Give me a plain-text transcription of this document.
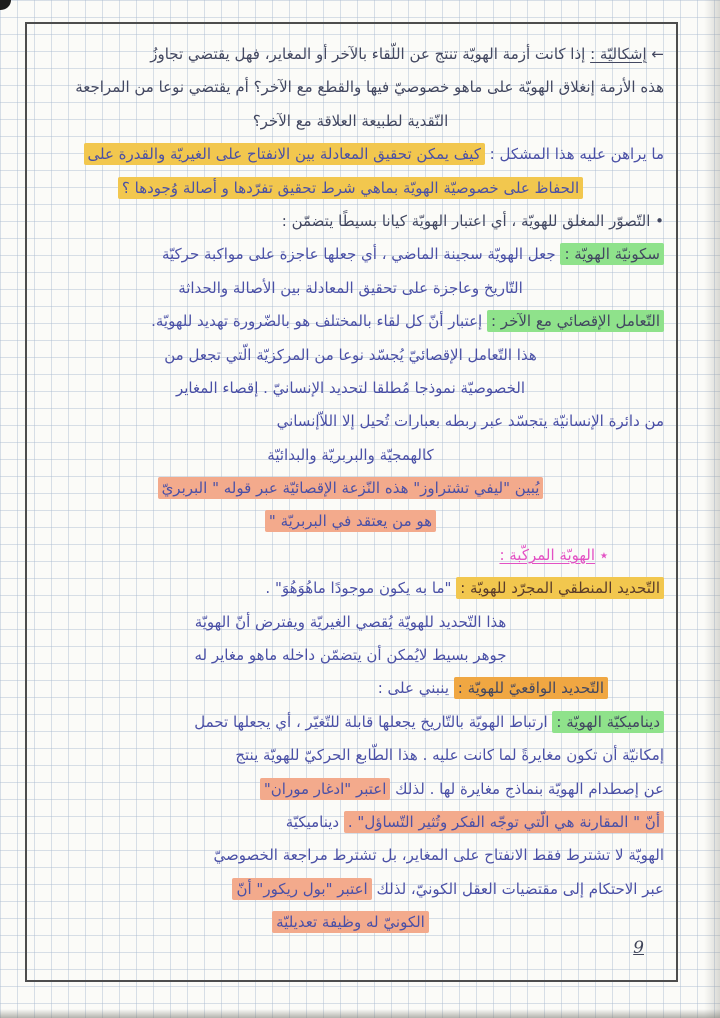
← إشكاليّة : إذا كانت أزمة الهويّة تنتج عن اللّقاء بالآخر أو المغاير، فهل يقتضي تجاوزُ
هذه الأزمة إنغلاق الهويّة على ماهو خصوصيّ فيها والقطع مع الآخر؟ أم يقتضي نوعا من المراجعة
النّقدية لطبيعة العلاقة مع الآخر؟
ما يراهن عليه هذا المشكل : كيف يمكن تحقيق المعادلة بين الانفتاح على الغيريّة والقدرة على
الحفاظ على خصوصيّة الهويّة بماهي شرط تحقيق تفرّدها و أصالة وُجودها ؟
• التّصوّر المغلق للهويّة ، أي اعتبار الهويّة كيانا بسيطًا يتضمّن :
سكونيّة الهويّة : جعل الهويّة سجينة الماضي ، أي جعلها عاجزة على مواكبة حركيّة
التّاريخ وعاجزة على تحقيق المعادلة بين الأصالة والحداثة
التّعامل الإقصائي مع الآخر : إعتبار أنّ كل لقاء بالمختلف هو بالضّرورة تهديد للهويّة.
هذا التّعامل الإقصائيّ يُجسّد نوعا من المركزيّة الّتي تجعل من
الخصوصيّة نموذجا مُطلقا لتحديد الإنسانيّ . إقصاء المغاير
من دائرة الإنسانيّة يتجسّد عبر ربطه بعبارات تُحيل إلا اللاّإنساني
كالهمجيّة والبربريّة والبدائيّة
يُبين "ليفي تشتراوز" هذه النّزعة الإقصائيّة عبر قوله " البربريّ
هو من يعتقد في البربريّة "
٭ الهويّة المركّبة :
التّحديد المنطقي المجرّد للهويّة : "ما به يكون موجودًا ماهُوَهُوَ" .
هذا التّحديد للهويّة يُقصي الغيريّة ويفترض أنّ الهويّة
جوهر بسيط لايُمكن أن يتضمّن داخله ماهو مغاير له
التّحديد الواقعيّ للهويّة : ينبني على :
ديناميكيّة الهويّة : ارتباط الهويّة بالتّاريخ يجعلها قابلة للتّغيّر ، أي يجعلها تحمل
إمكانيّة أن تكون مغايرةً لما كانت عليه . هذا الطّابع الحركيّ للهويّة ينتج
عن إصطدام الهويّة بنماذج مغايرة لها . لذلك اعتبر "ادغار موران"
أنّ " المقارنة هي الّتي توجّه الفكر وتُثير التّساؤل" . ديناميكيّة
الهويّة لا تشترط فقط الانفتاح على المغاير، بل تشترط مراجعة الخصوصيّ
عبر الاحتكام إلى مقتضيات العقل الكونيّ، لذلك اعتبر "بول ريكور" أنّ
الكونيّ له وظيفة تعديليّة
9
